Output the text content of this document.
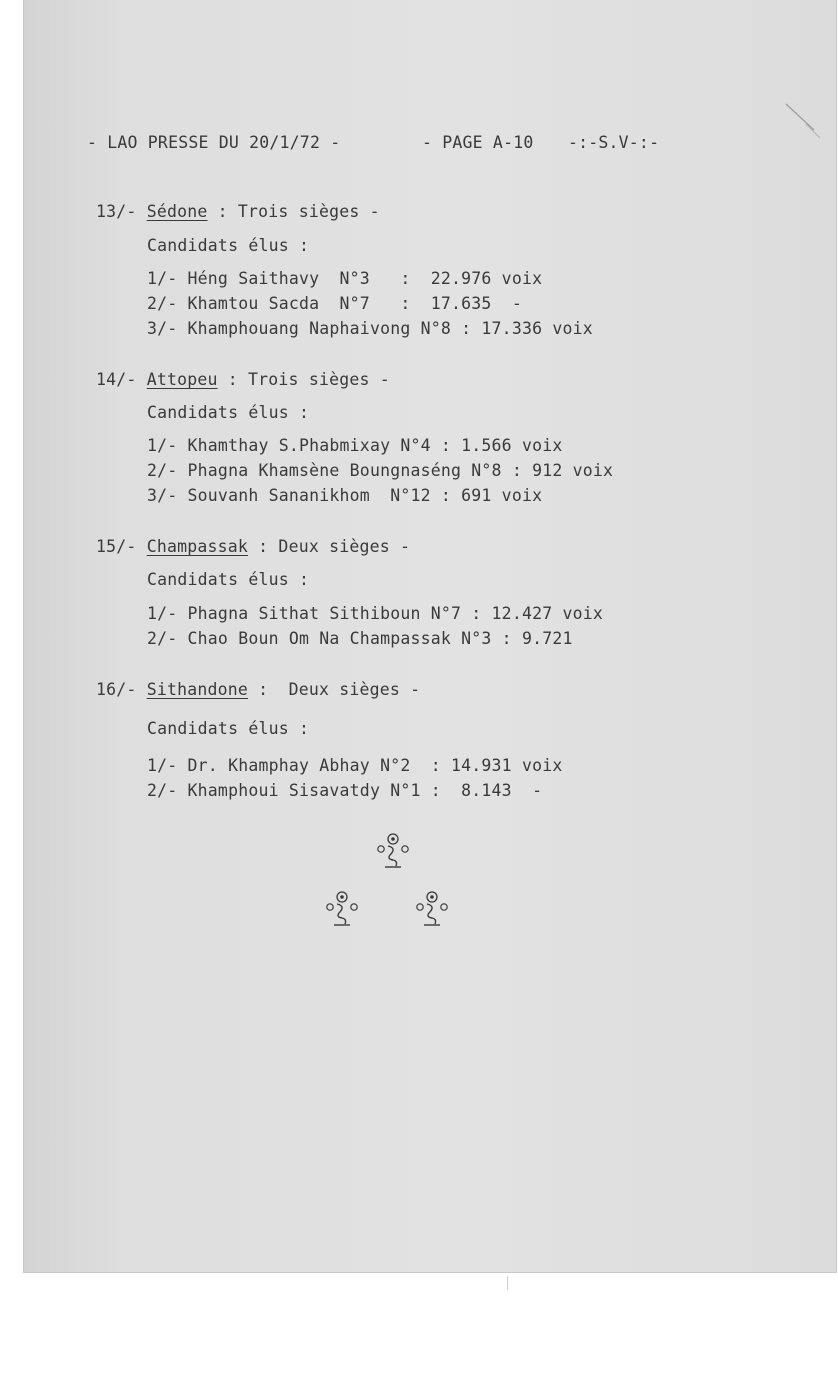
- LAO PRESSE DU 20/1/72 -	- PAGE A-10 -:-S.V-:-
13/- Sédone : Trois sièges -
Candidats élus :
1/- Héng Saithavy  N°3   :  22.976 voix
2/- Khamtou Sacda  N°7   :  17.635  -
3/- Khamphouang Naphaivong N°8 : 17.336 voix
14/- Attopeu : Trois sièges -
Candidats élus :
1/- Khamthay S.Phabmixay N°4 : 1.566 voix
2/- Phagna Khamsène Boungnaséng N°8 : 912 voix
3/- Souvanh Sananikhom  N°12 : 691 voix
15/- Champassak : Deux sièges -
Candidats élus :
1/- Phagna Sithat Sithiboun N°7 : 12.427 voix
2/- Chao Boun Om Na Champassak N°3 : 9.721
16/- Sithandone :  Deux sièges -
Candidats élus :
1/- Dr. Khamphay Abhay N°2  : 14.931 voix
2/- Khamphoui Sisavatdy N°1 :  8.143  -
